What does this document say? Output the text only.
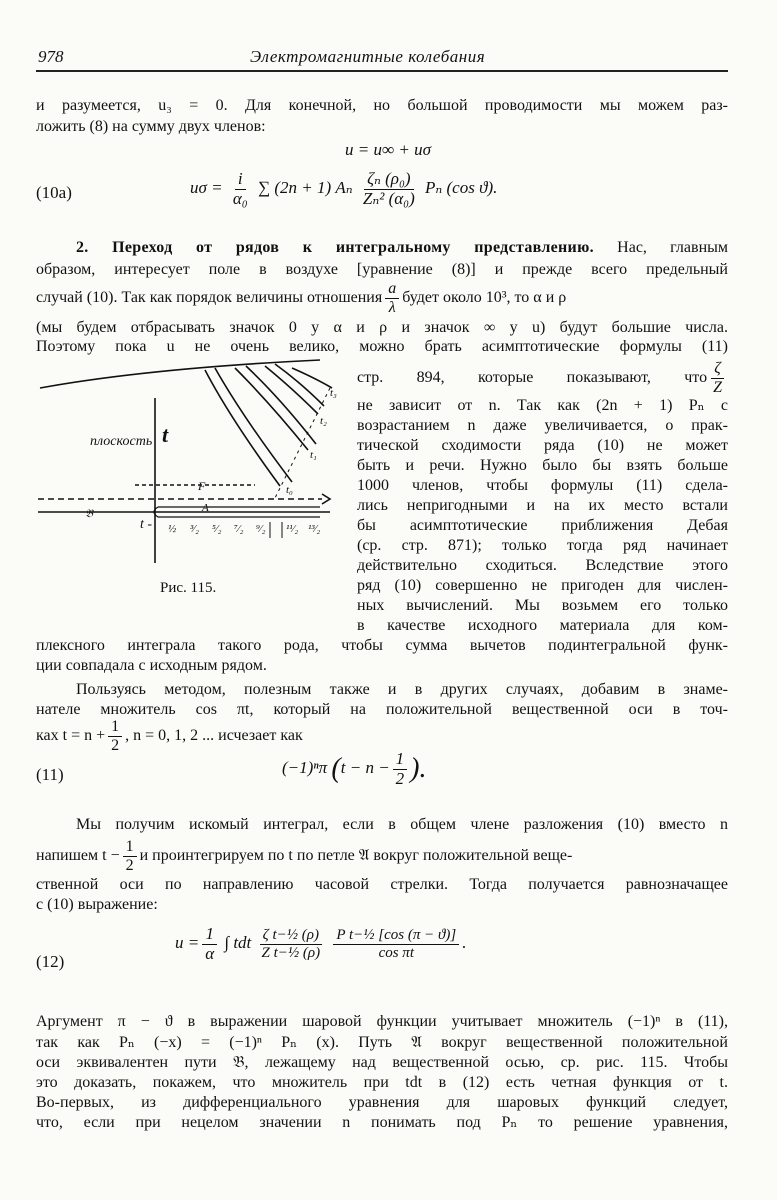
978	Электромагнитные колебания
и разумеется, u₃ = 0. Для конечной, но большой проводимости мы можем раз-
ложить (8) на сумму двух членов:
u = u∞ + uσ
(10a)	$u\sigma = \frac{i}{\text{α₀}}$ ∑ (2n + 1) Aₙ $\frac{\text{ζₙ (ρ₀)}}{\text{Zₙ² (α₀)}}$ Pₙ (cos ϑ).
2. Переход от рядов к интегральному представлению. Нас, главным
образом, интересует поле в воздухе [уравнение (8)] и прежде всего предельный
случай (10). Так как порядок величины отношения $\frac{a}{\lambda}$ будет около 10³, то α и ρ
(мы будем отбрасывать значок 0 у α и ρ и значок ∞ у u) будут большие числа.
Поэтому пока u не очень велико, можно брать асимптотические формулы (11)
плоскость t
t -
F
A
𝔅
½ ³⁄₂ ⁵⁄₂ ⁷⁄₂ ⁹⁄₂ ¹¹⁄₂ ¹³⁄₂
t₃
t₂
t₁
t₀
Рис. 115.
стр. 894, которые показывают, что $\frac{\zeta}{Z}$
не зависит от n. Так как (2n + 1) Pₙ с
возрастанием n даже увеличивается, о прак-
тической сходимости ряда (10) не может
быть и речи. Нужно было бы взять больше
1000 членов, чтобы формулы (11) сдела-
лись непригодными и на их место встали
бы асимптотические приближения Дебая
(ср. стр. 871); только тогда ряд начинает
действительно сходиться. Вследствие этого
ряд (10) совершенно не пригоден для числен-
ных вычислений. Мы возьмем его только
в качестве исходного материала для ком-
плексного интеграла такого рода, чтобы сумма вычетов подинтегральной функ-
ции совпадала с исходным рядом.
Пользуясь методом, полезным также и в других случаях, добавим в знаме-
нателе множитель cos πt, который на положительной вещественной оси в точ-
ках $t = n + \frac{1}{2}$ , n = 0, 1, 2 ... исчезает как
(11)	(−1)ⁿπ ($t - n - \frac{1}{2}$ ).
Мы получим искомый интеграл, если в общем члене разложения (10) вместо n
напишем $t - \frac{1}{2}$ и проинтегрируем по t по петле 𝔄 вокруг положительной веще-
ственной оси по направлению часовой стрелки. Тогда получается равнозначащее
с (10) выражение:
(12)
$u = \frac{1}{\alpha}$ ∫ tdt $\frac{\text{ζ t−½ (ρ)}}{\text{Z t−½ (ρ)}}$
$\frac{\text{P t−½ [cos (π − ϑ)]}}{\text{cos πt}}$ .
Аргумент π − ϑ в выражении шаровой функции учитывает множитель (−1)ⁿ в (11),
так как Pₙ (−x) = (−1)ⁿ Pₙ (x). Путь 𝔄 вокруг вещественной положительной
оси эквивалентен пути 𝔅, лежащему над вещественной осью, ср. рис. 115. Чтобы
это доказать, покажем, что множитель при tdt в (12) есть четная функция от t.
Во-первых, из дифференциального уравнения для шаровых функций следует,
что, если при нецелом значении n понимать под Pₙ то решение уравнения,
